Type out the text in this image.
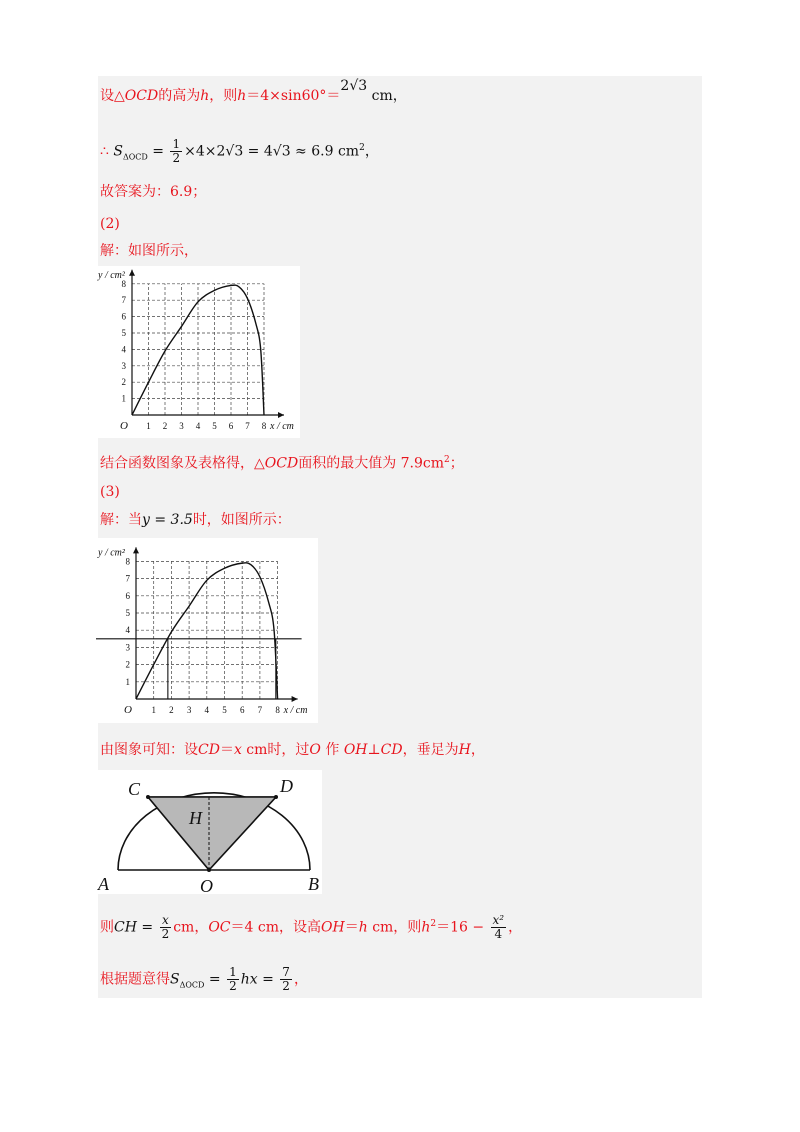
设△OCD的高为h，则h＝4×sin60°＝2√3 cm，
∴ $S_{\Delta OCD} = \frac{1}{2} \times 4\times 2√3 = 4√3 \approx 6.9$ $cm^2$，
故答案为：6.9；
(2)
解：如图所示，
O 1 2 3 4 5 6 7 8
1
2
3
4
5
6
7
8
x / cm
y / cm²
结合函数图象及表格得，△OCD面积的最大值为 $7.9cm^2$；
(3)
解：当y = 3.5时，如图所示：
O 1 2 3 4 5 6 7 8
1
2
3
4
5
6
7
8
x / cm
y / cm²
由图象可知：设CD＝x cm时，过O 作 OH⊥CD，垂足为H，
C	D
H
A	O	B
则CH = $\frac{x}{2}$ cm，OC＝4 cm，设高OH＝h cm，则$h^2=16 - \frac{\text{x²}}{4}$ ，
根据题意得$S_{\Delta OCD} = \frac{1}{2}$ hx = $\frac{7}{2}$ ，
